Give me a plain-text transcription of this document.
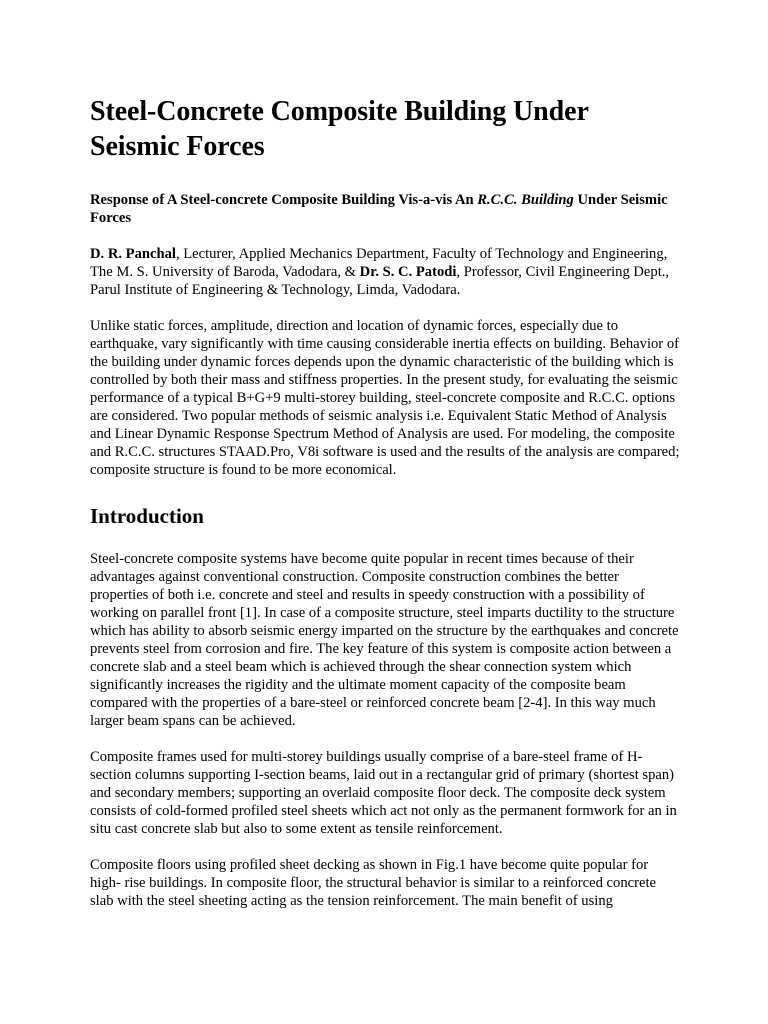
Steel-Concrete Composite Building Under Seismic Forces

Response of A Steel-concrete Composite Building Vis-a-vis An R.C.C. Building Under Seismic Forces

D. R. Panchal, Lecturer, Applied Mechanics Department, Faculty of Technology and Engineering, The M. S. University of Baroda, Vadodara, & Dr. S. C. Patodi, Professor, Civil Engineering Dept., Parul Institute of Engineering & Technology, Limda, Vadodara.

Unlike static forces, amplitude, direction and location of dynamic forces, especially due to earthquake, vary significantly with time causing considerable inertia effects on building. Behavior of the building under dynamic forces depends upon the dynamic characteristic of the building which is controlled by both their mass and stiffness properties. In the present study, for evaluating the seismic performance of a typical B+G+9 multi-storey building, steel-concrete composite and R.C.C. options are considered. Two popular methods of seismic analysis i.e. Equivalent Static Method of Analysis and Linear Dynamic Response Spectrum Method of Analysis are used. For modeling, the composite and R.C.C. structures STAAD.Pro, V8i software is used and the results of the analysis are compared; composite structure is found to be more economical.

Introduction

Steel-concrete composite systems have become quite popular in recent times because of their advantages against conventional construction. Composite construction combines the better properties of both i.e. concrete and steel and results in speedy construction with a possibility of working on parallel front [1]. In case of a composite structure, steel imparts ductility to the structure which has ability to absorb seismic energy imparted on the structure by the earthquakes and concrete prevents steel from corrosion and fire. The key feature of this system is composite action between a concrete slab and a steel beam which is achieved through the shear connection system which significantly increases the rigidity and the ultimate moment capacity of the composite beam compared with the properties of a bare-steel or reinforced concrete beam [2-4]. In this way much larger beam spans can be achieved.

Composite frames used for multi-storey buildings usually comprise of a bare-steel frame of H-section columns supporting I-section beams, laid out in a rectangular grid of primary (shortest span) and secondary members; supporting an overlaid composite floor deck. The composite deck system consists of cold-formed profiled steel sheets which act not only as the permanent formwork for an in situ cast concrete slab but also to some extent as tensile reinforcement.

Composite floors using profiled sheet decking as shown in Fig.1 have become quite popular for high- rise buildings. In composite floor, the structural behavior is similar to a reinforced concrete slab with the steel sheeting acting as the tension reinforcement. The main benefit of using
